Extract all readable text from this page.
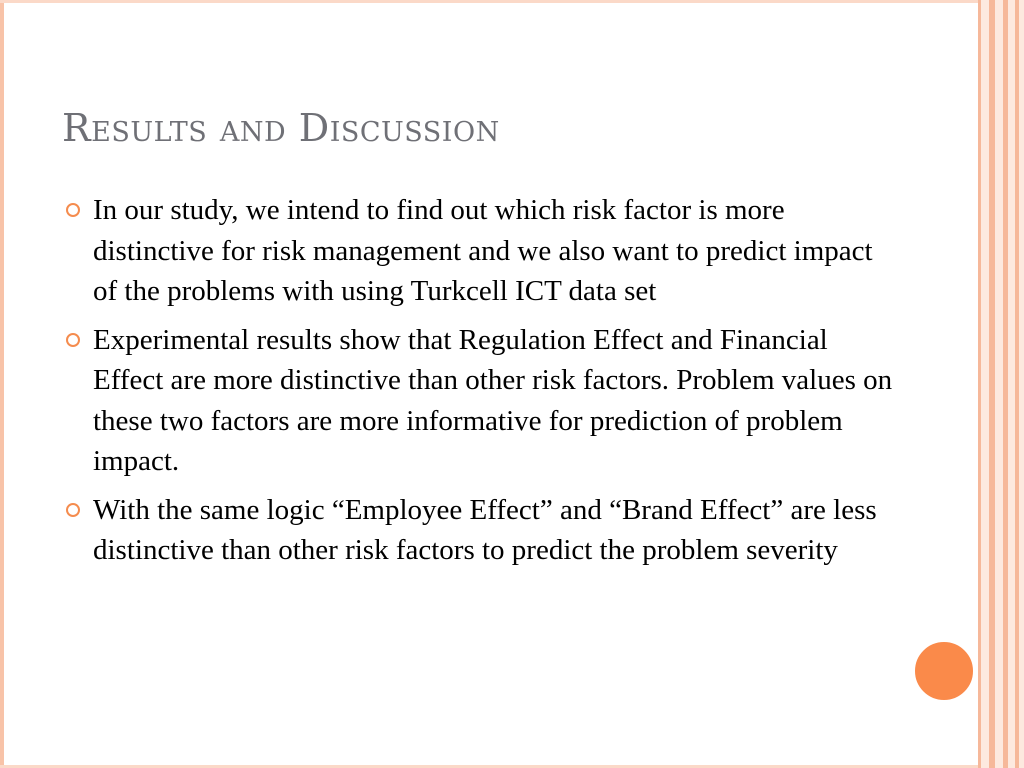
Results and Discussion
In our study, we intend to find out which risk factor is more distinctive for risk management and we also want to predict impact of the problems with using Turkcell ICT data set
Experimental results show that Regulation Effect and Financial Effect are more distinctive than other risk factors. Problem values on these two factors are more informative for prediction of problem impact.
With the same logic “Employee Effect” and “Brand Effect” are less distinctive than other risk factors to predict the problem severity
